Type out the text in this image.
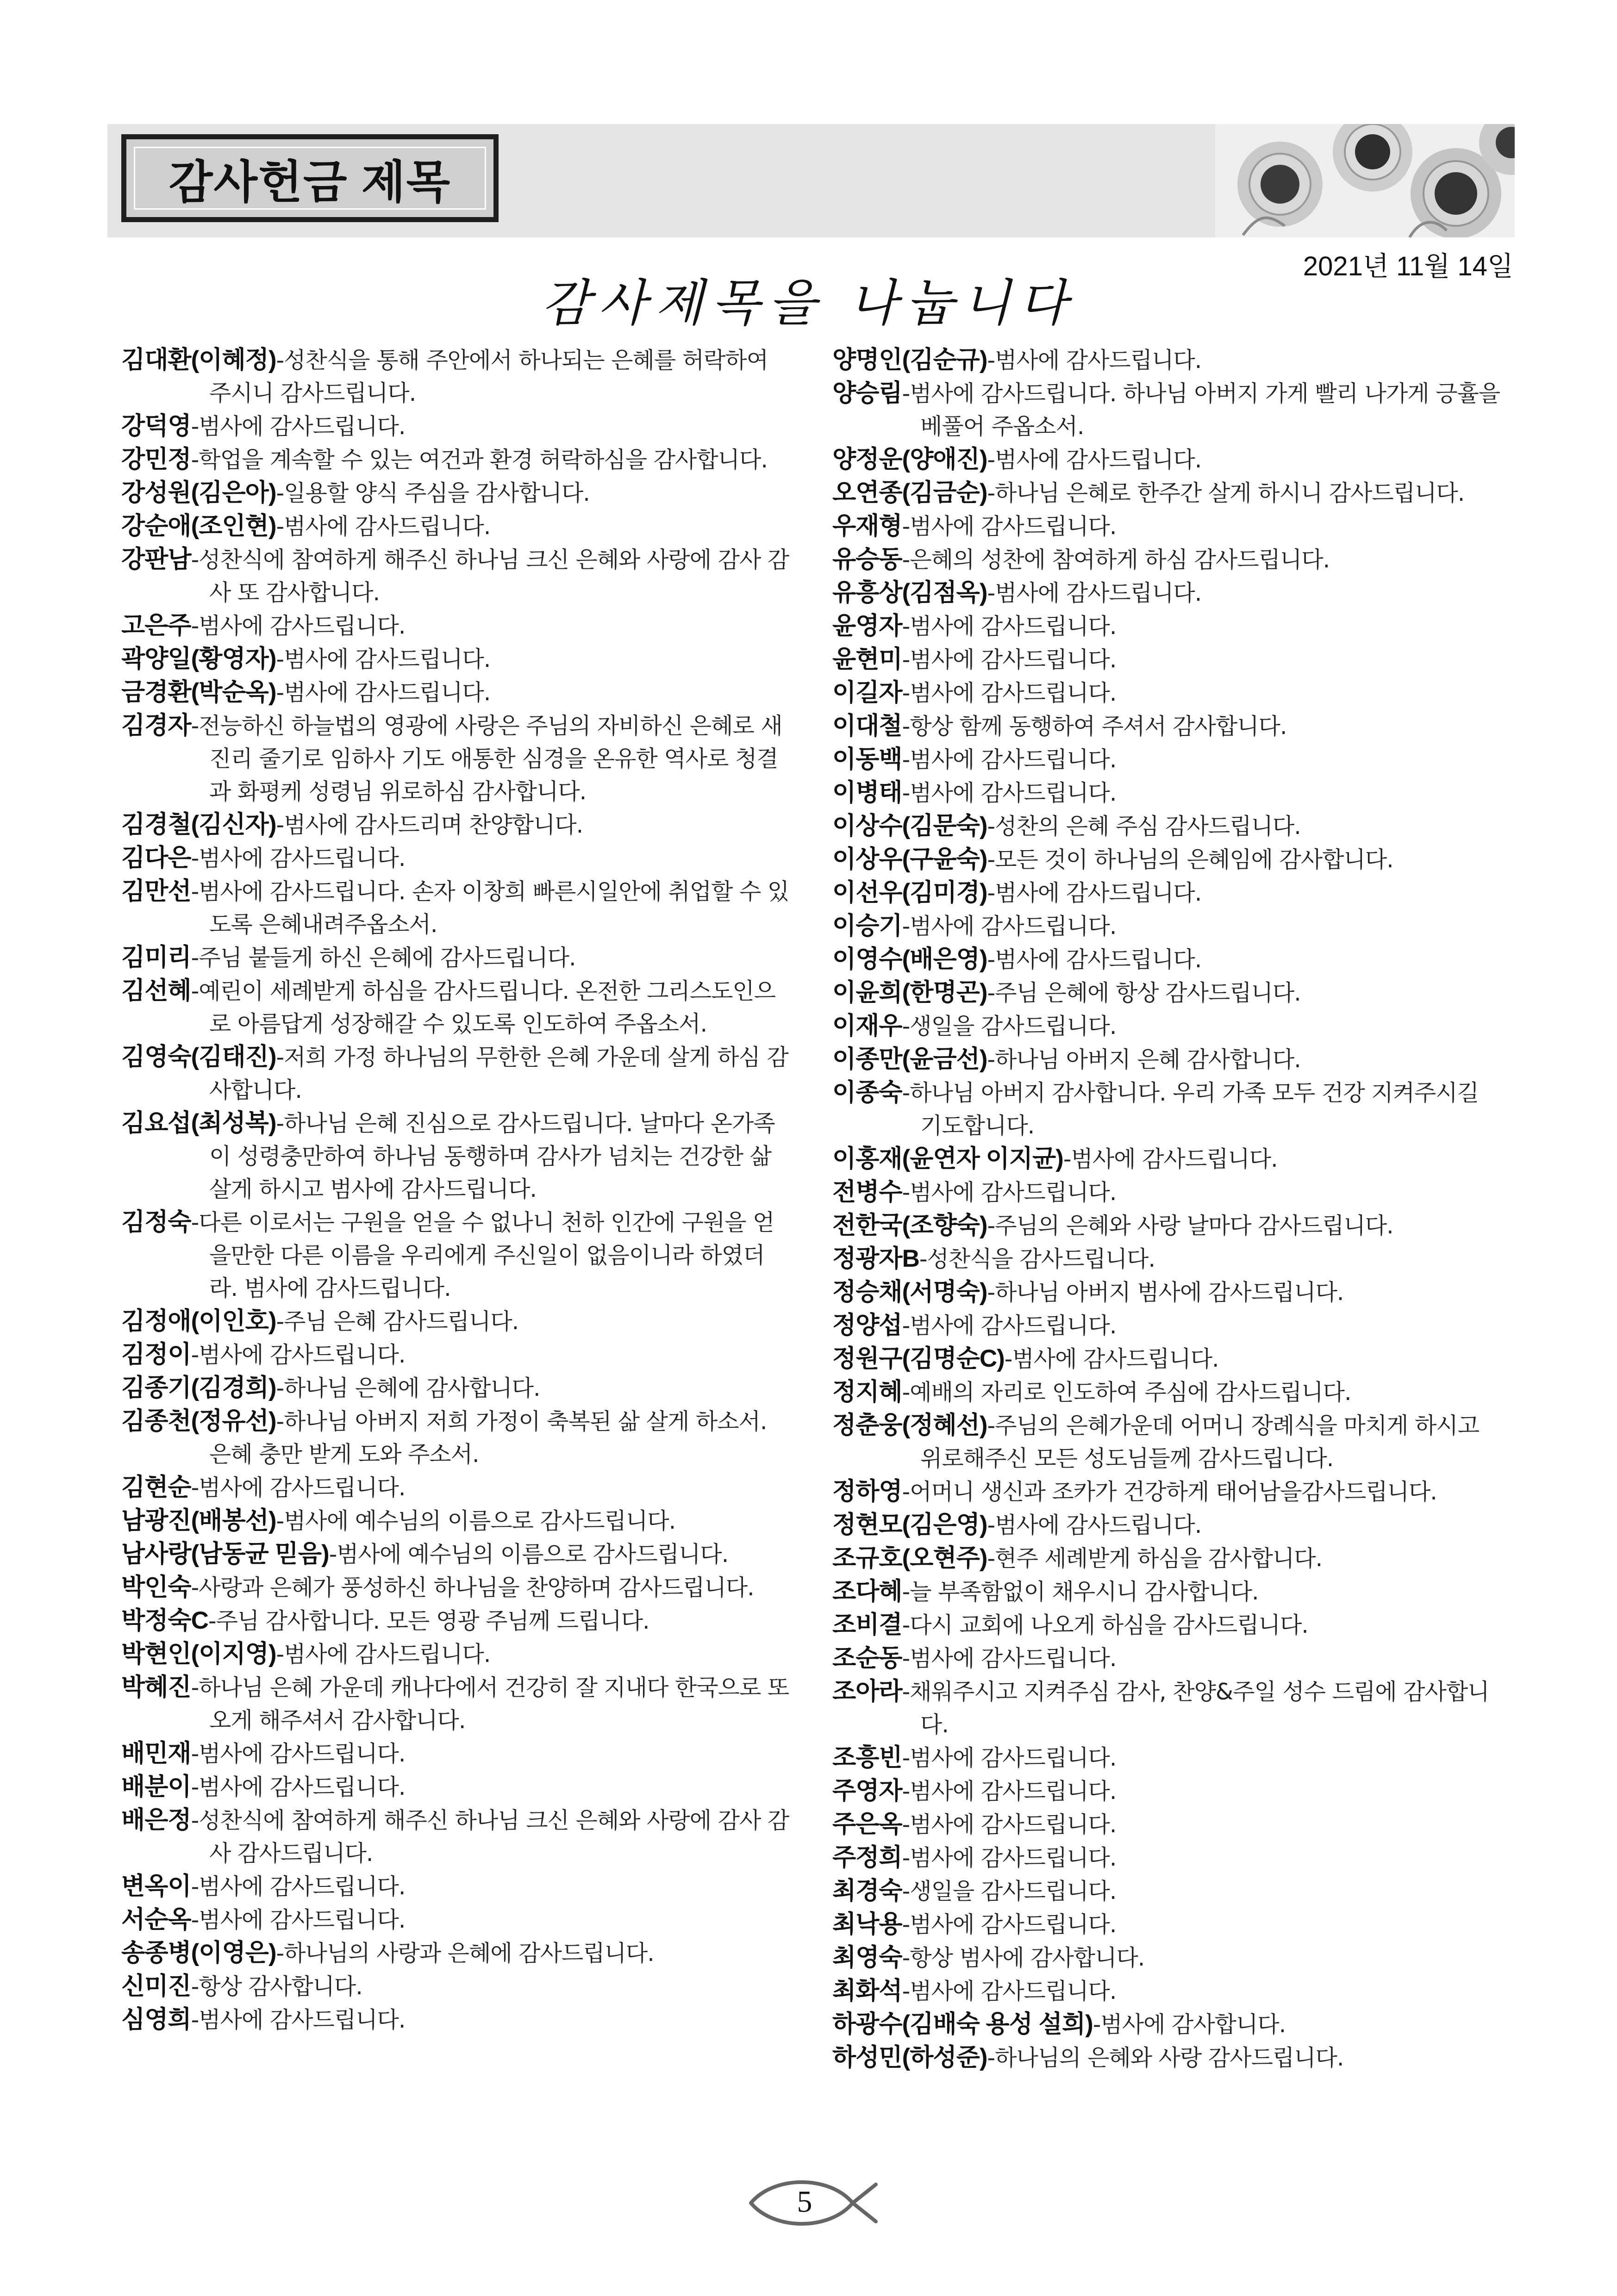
감사헌금 제목
2021년 11월 14일
감사제목을 나눕니다
김대환(이혜정)-성찬식을 통해 주안에서 하나되는 은혜를 허락하여 주시니 감사드립니다.
강덕영-범사에 감사드립니다.
강민정-학업을 계속할 수 있는 여건과 환경 허락하심을 감사합니다.
강성원(김은아)-일용할 양식 주심을 감사합니다.
강순애(조인현)-범사에 감사드립니다.
강판남-성찬식에 참여하게 해주신 하나님 크신 은혜와 사랑에 감사 감사 또 감사합니다.
고은주-범사에 감사드립니다.
곽양일(황영자)-범사에 감사드립니다.
금경환(박순옥)-범사에 감사드립니다.
김경자-전능하신 하늘법의 영광에 사랑은 주님의 자비하신 은혜로 새 진리 줄기로 임하사 기도 애통한 심경을 온유한 역사로 청결과 화평케 성령님 위로하심 감사합니다.
김경철(김신자)-범사에 감사드리며 찬양합니다.
김다은-범사에 감사드립니다.
김만선-범사에 감사드립니다. 손자 이창희 빠른시일안에 취업할 수 있도록 은혜내려주옵소서.
김미리-주님 붙들게 하신 은혜에 감사드립니다.
김선혜-예린이 세례받게 하심을 감사드립니다. 온전한 그리스도인으로 아름답게 성장해갈 수 있도록 인도하여 주옵소서.
김영숙(김태진)-저희 가정 하나님의 무한한 은혜 가운데 살게 하심 감사합니다.
김요섭(최성복)-하나님 은혜 진심으로 감사드립니다. 날마다 온가족이 성령충만하여 하나님 동행하며 감사가 넘치는 건강한 삶 살게 하시고 범사에 감사드립니다.
김정숙-다른 이로서는 구원을 얻을 수 없나니 천하 인간에 구원을 얻을만한 다른 이름을 우리에게 주신일이 없음이니라 하였더라. 범사에 감사드립니다.
김정애(이인호)-주님 은혜 감사드립니다.
김정이-범사에 감사드립니다.
김종기(김경희)-하나님 은혜에 감사합니다.
김종천(정유선)-하나님 아버지 저희 가정이 축복된 삶 살게 하소서. 은혜 충만 받게 도와 주소서.
김현순-범사에 감사드립니다.
남광진(배봉선)-범사에 예수님의 이름으로 감사드립니다.
남사랑(남동균 믿음)-범사에 예수님의 이름으로 감사드립니다.
박인숙-사랑과 은혜가 풍성하신 하나님을 찬양하며 감사드립니다.
박정숙C-주님 감사합니다. 모든 영광 주님께 드립니다.
박현인(이지영)-범사에 감사드립니다.
박혜진-하나님 은혜 가운데 캐나다에서 건강히 잘 지내다 한국으로 또 오게 해주셔서 감사합니다.
배민재-범사에 감사드립니다.
배분이-범사에 감사드립니다.
배은정-성찬식에 참여하게 해주신 하나님 크신 은혜와 사랑에 감사 감사 감사드립니다.
변옥이-범사에 감사드립니다.
서순옥-범사에 감사드립니다.
송종병(이영은)-하나님의 사랑과 은혜에 감사드립니다.
신미진-항상 감사합니다.
심영희-범사에 감사드립니다.
양명인(김순규)-범사에 감사드립니다.
양승림-범사에 감사드립니다. 하나님 아버지 가게 빨리 나가게 긍휼을 베풀어 주옵소서.
양정운(양애진)-범사에 감사드립니다.
오연종(김금순)-하나님 은혜로 한주간 살게 하시니 감사드립니다.
우재형-범사에 감사드립니다.
유승동-은혜의 성찬에 참여하게 하심 감사드립니다.
유흥상(김점옥)-범사에 감사드립니다.
윤영자-범사에 감사드립니다.
윤현미-범사에 감사드립니다.
이길자-범사에 감사드립니다.
이대철-항상 함께 동행하여 주셔서 감사합니다.
이동백-범사에 감사드립니다.
이병태-범사에 감사드립니다.
이상수(김문숙)-성찬의 은혜 주심 감사드립니다.
이상우(구윤숙)-모든 것이 하나님의 은혜임에 감사합니다.
이선우(김미경)-범사에 감사드립니다.
이승기-범사에 감사드립니다.
이영수(배은영)-범사에 감사드립니다.
이윤희(한명곤)-주님 은혜에 항상 감사드립니다.
이재우-생일을 감사드립니다.
이종만(윤금선)-하나님 아버지 은혜 감사합니다.
이종숙-하나님 아버지 감사합니다. 우리 가족 모두 건강 지켜주시길 기도합니다.
이홍재(윤연자 이지균)-범사에 감사드립니다.
전병수-범사에 감사드립니다.
전한국(조향숙)-주님의 은혜와 사랑 날마다 감사드립니다.
정광자B-성찬식을 감사드립니다.
정승채(서명숙)-하나님 아버지 범사에 감사드립니다.
정양섭-범사에 감사드립니다.
정원구(김명순C)-범사에 감사드립니다.
정지혜-예배의 자리로 인도하여 주심에 감사드립니다.
정춘웅(정혜선)-주님의 은혜가운데 어머니 장례식을 마치게 하시고 위로해주신 모든 성도님들께 감사드립니다.
정하영-어머니 생신과 조카가 건강하게 태어남을감사드립니다.
정현모(김은영)-범사에 감사드립니다.
조규호(오현주)-현주 세례받게 하심을 감사합니다.
조다혜-늘 부족함없이 채우시니 감사합니다.
조비결-다시 교회에 나오게 하심을 감사드립니다.
조순동-범사에 감사드립니다.
조아라-채워주시고 지켜주심 감사, 찬양&주일 성수 드림에 감사합니다.
조흥빈-범사에 감사드립니다.
주영자-범사에 감사드립니다.
주은옥-범사에 감사드립니다.
주정희-범사에 감사드립니다.
최경숙-생일을 감사드립니다.
최낙용-범사에 감사드립니다.
최영숙-항상 범사에 감사합니다.
최화석-범사에 감사드립니다.
하광수(김배숙 용성 설희)-범사에 감사합니다.
하성민(하성준)-하나님의 은혜와 사랑 감사드립니다.
5
